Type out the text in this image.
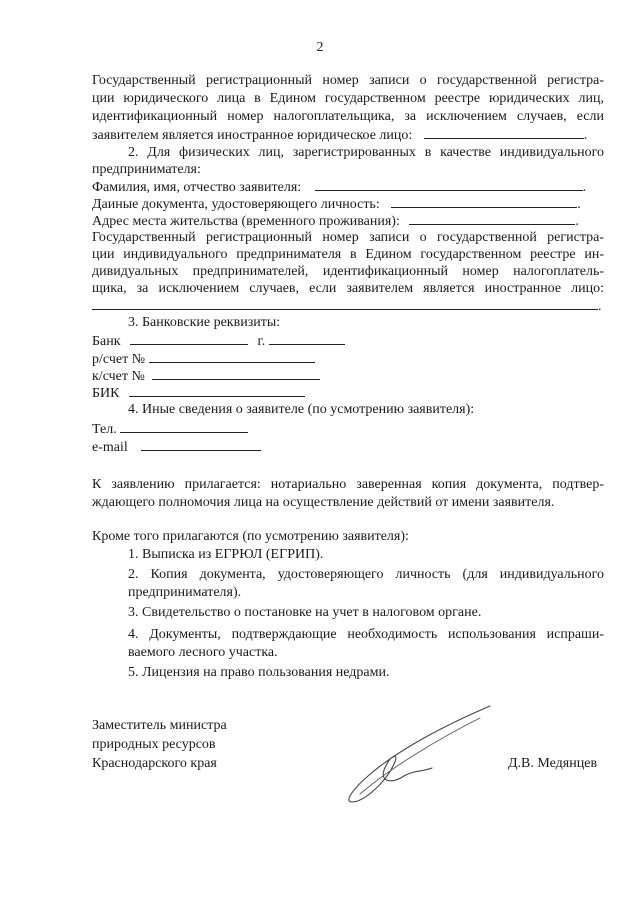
2
Государственный регистрационный номер записи о государственной регистра-
ции юридического лица в Едином государственном реестре юридических лиц,
идентификационный номер налогоплательщика, за исключением случаев, если
заявителем является иностранное юридическое лицо:	.
2. Для физических лиц, зарегистрированных в качестве индивидуального
предпринимателя:
Фамилия, имя, отчество заявителя:	.
Даиные документа, удостоверяющего личность:	.
Адрес места жительства (временного проживания):	.
Государственный регистрационный номер записи о государственной регистра-
ции индивидуального предпринимателя в Едином государственном реестре ин-
дивидуальных предпринимателей, идентификационный номер налогоплатель-
щика, за исключением случаев, если заявителем является иностранное лицо:
.
3. Банковские реквизиты:
Банк	г.
р/счет №
к/счет №
БИК
4. Иные сведения о заявителе (по усмотрению заявителя):
Тел.
e-mail
К заявлению прилагается: нотариально заверенная копия документа, подтвер-
ждающего полномочия лица на осуществление действий от имени заявителя.
Кроме того прилагаются (по усмотрению заявителя):
1. Выписка из ЕГРЮЛ (ЕГРИП).
2. Копия документа, удостоверяющего личность (для индивидуального
предпринимателя).
3. Свидетельство о постановке на учет в налоговом органе.
4. Документы, подтверждающие необходимость использования испраши-
ваемого лесного участка.
5. Лицензия на право пользования недрами.
Заместитель министра
природных ресурсов
Краснодарского края	Д.В. Медянцев
